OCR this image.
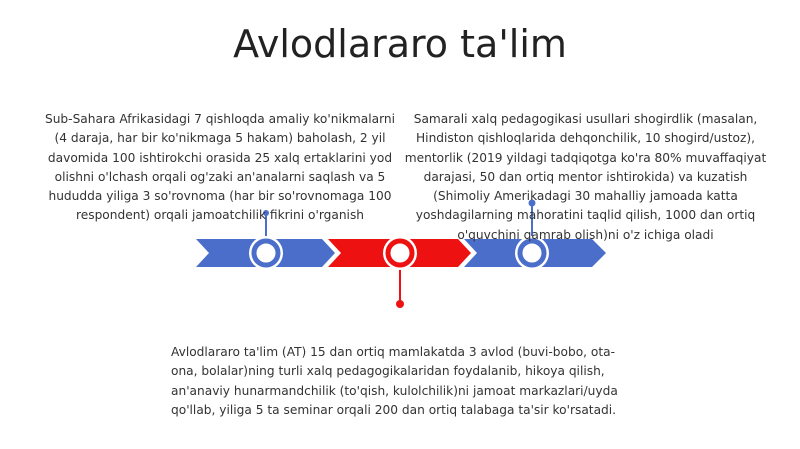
Avlodlararo ta'lim
Sub-Sahara Afrikasidagi 7 qishloqda amaliy ko'nikmalarni (4 daraja, har bir ko'nikmaga 5 hakam) baholash, 2 yil davomida 100 ishtirokchi orasida 25 xalq ertaklarini yod olishni o'lchash orqali og'zaki an'analarni saqlash va 5 hududda yiliga 3 so'rovnoma (har bir so'rovnomaga 100 respondent) orqali jamoatchilik fikrini o'rganish
Samarali xalq pedagogikasi usullari shogirdlik (masalan, Hindiston qishloqlarida dehqonchilik, 10 shogird/ustoz), mentorlik (2019 yildagi tadqiqotga ko'ra 80% muvaffaqiyat darajasi, 50 dan ortiq mentor ishtirokida) va kuzatish (Shimoliy Amerikadagi 30 mahalliy jamoada katta yoshdagilarning mahoratini taqlid qilish, 1000 dan ortiq o'quvchini qamrab olish)ni o'z ichiga oladi
Avlodlararo ta'lim (AT) 15 dan ortiq mamlakatda 3 avlod (buvi-bobo, ota-ona, bolalar)ning turli xalq pedagogikalaridan foydalanib, hikoya qilish, an'anaviy hunarmandchilik (to'qish, kulolchilik)ni jamoat markazlari/uyda qo'llab, yiliga 5 ta seminar orqali 200 dan ortiq talabaga ta'sir ko'rsatadi.
